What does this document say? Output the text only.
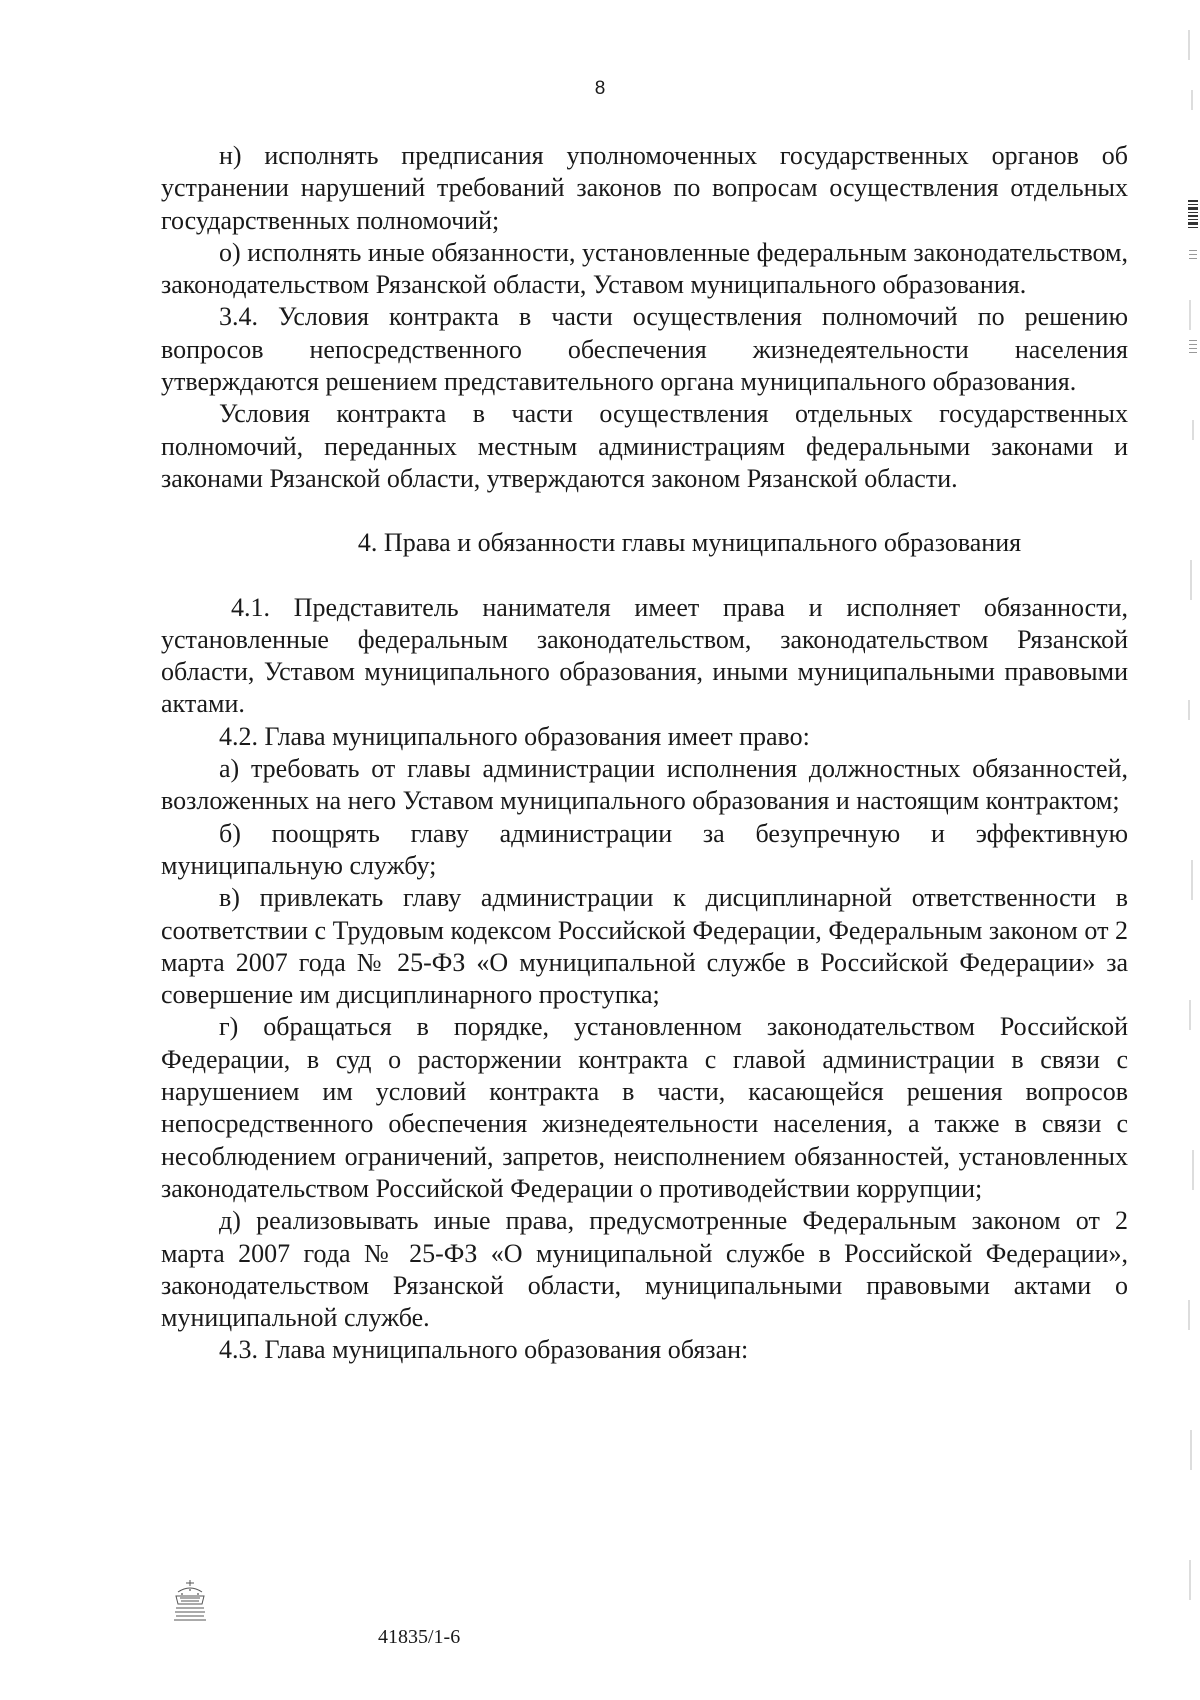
8

н) исполнять предписания уполномоченных государственных органов об устранении нарушений требований законов по вопросам осуществления отдельных государственных полномочий;

о) исполнять иные обязанности, установленные федеральным законодательством, законодательством Рязанской области, Уставом муниципального образования.

3.4. Условия контракта в части осуществления полномочий по решению вопросов непосредственного обеспечения жизнедеятельности населения утверждаются решением представительного органа муниципального образования.

Условия контракта в части осуществления отдельных государственных полномочий, переданных местным администрациям федеральными законами и законами Рязанской области, утверждаются законом Рязанской области.

4. Права и обязанности главы муниципального образования

4.1. Представитель нанимателя имеет права и исполняет обязанности, установленные федеральным законодательством, законодательством Рязанской области, Уставом муниципального образования, иными муниципальными правовыми актами.

4.2. Глава муниципального образования имеет право:

а) требовать от главы администрации исполнения должностных обязанностей, возложенных на него Уставом муниципального образования и настоящим контрактом;

б) поощрять главу администрации за безупречную и эффективную муниципальную службу;

в) привлекать главу администрации к дисциплинарной ответственности в соответствии с Трудовым кодексом Российской Федерации, Федеральным законом от 2 марта 2007 года № 25-ФЗ «О муниципальной службе в Российской Федерации» за совершение им дисциплинарного проступка;

г) обращаться в порядке, установленном законодательством Российской Федерации, в суд о расторжении контракта с главой администрации в связи с нарушением им условий контракта в части, касающейся решения вопросов непосредственного обеспечения жизнедеятельности населения, а также в связи с несоблюдением ограничений, запретов, неисполнением обязанностей, установленных законодательством Российской Федерации о противодействии коррупции;

д) реализовывать иные права, предусмотренные Федеральным законом от 2 марта 2007 года № 25-ФЗ «О муниципальной службе в Российской Федерации», законодательством Рязанской области, муниципальными правовыми актами о муниципальной службе.

4.3. Глава муниципального образования обязан:

41835/1-6
